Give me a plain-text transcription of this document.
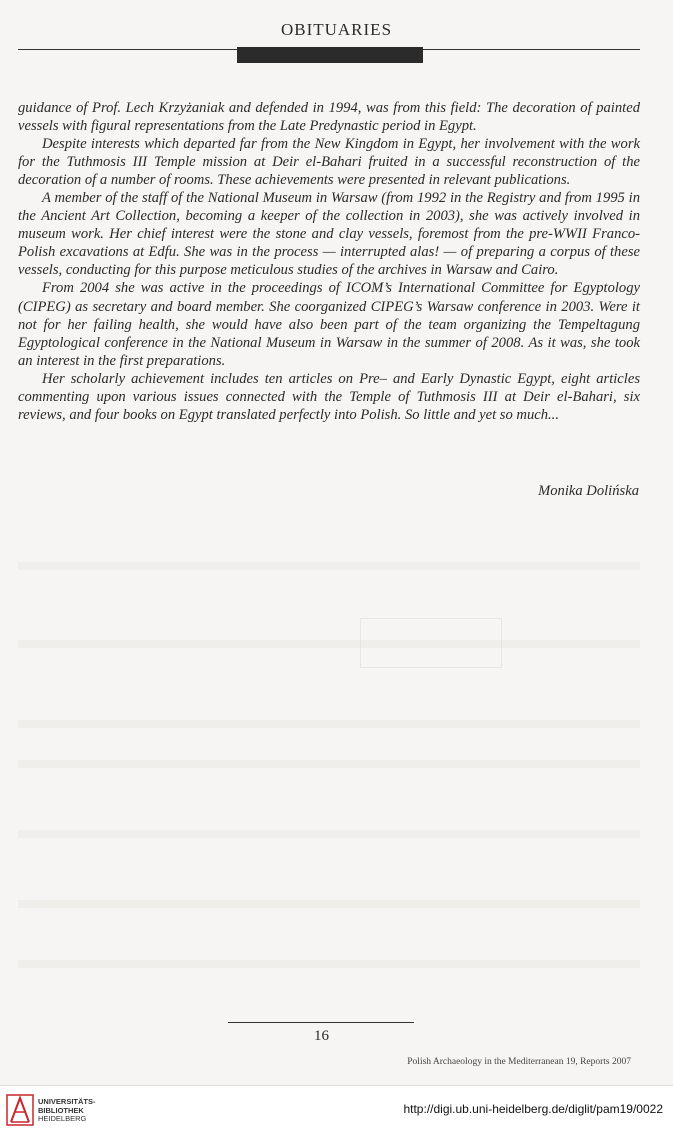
OBITUARIES

guidance of Prof. Lech Krzyżaniak and defended in 1994, was from this field: The decoration of painted vessels with figural representations from the Late Predynastic period in Egypt.

Despite interests which departed far from the New Kingdom in Egypt, her involvement with the work for the Tuthmosis III Temple mission at Deir el-Bahari fruited in a successful reconstruction of the decoration of a number of rooms. These achievements were presented in relevant publications.

A member of the staff of the National Museum in Warsaw (from 1992 in the Registry and from 1995 in the Ancient Art Collection, becoming a keeper of the collection in 2003), she was actively involved in museum work. Her chief interest were the stone and clay vessels, foremost from the pre-WWII Franco-Polish excavations at Edfu. She was in the process — interrupted alas! — of preparing a corpus of these vessels, conducting for this purpose meticulous studies of the archives in Warsaw and Cairo.

From 2004 she was active in the proceedings of ICOM’s International Committee for Egyptology (CIPEG) as secretary and board member. She coorganized CIPEG’s Warsaw conference in 2003. Were it not for her failing health, she would have also been part of the team organizing the Tempeltagung Egyptological conference in the National Museum in Warsaw in the summer of 2008. As it was, she took an interest in the first preparations.

Her scholarly achievement includes ten articles on Pre– and Early Dynastic Egypt, eight articles commenting upon various issues connected with the Temple of Tuthmosis III at Deir el-Bahari, six reviews, and four books on Egypt translated perfectly into Polish. So little and yet so much...

Monika Dolińska
16
Polish Archaeology in the Mediterranean 19, Reports 2007
UNIVERSITÄTS-
BIBLIOTHEK
HEIDELBERG
http://digi.ub.uni-heidelberg.de/diglit/pam19/0022
